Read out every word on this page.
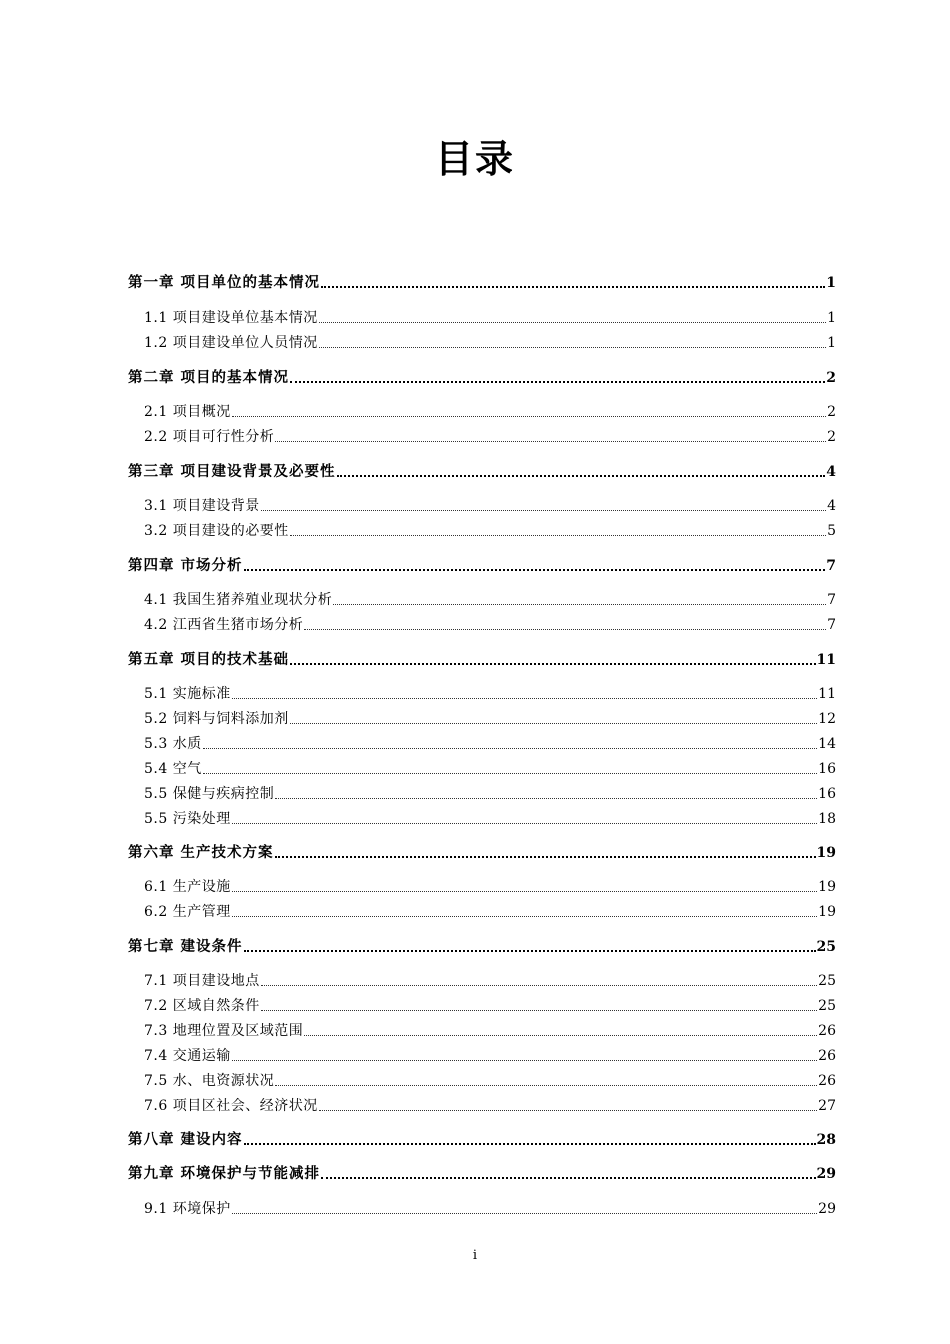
目录
第一章 项目单位的基本情况	1
1.1 项目建设单位基本情况	1
1.2 项目建设单位人员情况	1
第二章 项目的基本情况	2
2.1 项目概况	2
2.2 项目可行性分析	2
第三章 项目建设背景及必要性	4
3.1 项目建设背景	4
3.2 项目建设的必要性	5
第四章 市场分析	7
4.1 我国生猪养殖业现状分析	7
4.2 江西省生猪市场分析	7
第五章 项目的技术基础	11
5.1 实施标准	11
5.2 饲料与饲料添加剂	12
5.3 水质	14
5.4 空气	16
5.5 保健与疾病控制	16
5.5 污染处理	18
第六章 生产技术方案	19
6.1 生产设施	19
6.2 生产管理	19
第七章 建设条件	25
7.1 项目建设地点	25
7.2 区域自然条件	25
7.3 地理位置及区域范围	26
7.4 交通运输	26
7.5 水、电资源状况	26
7.6 项目区社会、经济状况	27
第八章 建设内容	28
第九章 环境保护与节能减排	29
9.1 环境保护	29
i
